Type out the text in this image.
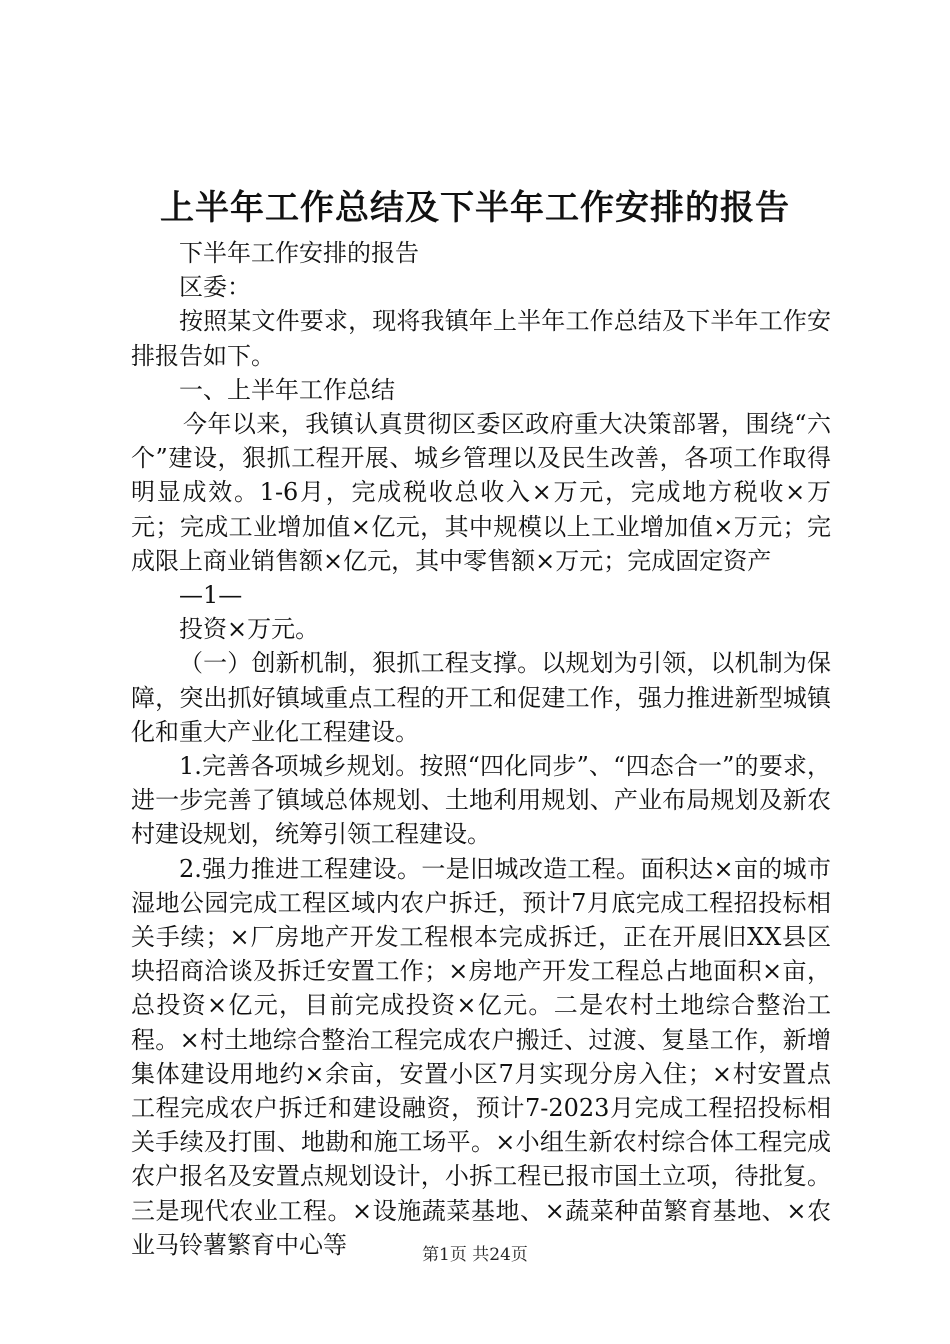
上半年工作总结及下半年工作安排的报告

下半年工作安排的报告

区委：

按照某文件要求，现将我镇年上半年工作总结及下半年工作安排报告如下。

一、上半年工作总结

今年以来，我镇认真贯彻区委区政府重大决策部署，围绕“六个”建设，狠抓工程开展、城乡管理以及民生改善，各项工作取得明显成效。1-6月，完成税收总收入×万元，完成地方税收×万元；完成工业增加值×亿元，其中规模以上工业增加值×万元；完成限上商业销售额×亿元，其中零售额×万元；完成固定资产

—1—

投资×万元。

（一）创新机制，狠抓工程支撑。以规划为引领，以机制为保障，突出抓好镇域重点工程的开工和促建工作，强力推进新型城镇化和重大产业化工程建设。

1.完善各项城乡规划。按照“四化同步”、“四态合一”的要求，进一步完善了镇域总体规划、土地利用规划、产业布局规划及新农村建设规划，统筹引领工程建设。

2.强力推进工程建设。一是旧城改造工程。面积达×亩的城市湿地公园完成工程区域内农户拆迁，预计7月底完成工程招投标相关手续；×厂房地产开发工程根本完成拆迁，正在开展旧XX县区块招商洽谈及拆迁安置工作；×房地产开发工程总占地面积×亩，总投资×亿元，目前完成投资×亿元。二是农村土地综合整治工程。×村土地综合整治工程完成农户搬迁、过渡、复垦工作，新增集体建设用地约×余亩，安置小区7月实现分房入住；×村安置点工程完成农户拆迁和建设融资，预计7-2023月完成工程招投标相关手续及打围、地勘和施工场平。×小组生新农村综合体工程完成农户报名及安置点规划设计，小拆工程已报市国土立项，待批复。三是现代农业工程。×设施蔬菜基地、×蔬菜种苗繁育基地、×农业马铃薯繁育中心等	第1页 共24页
